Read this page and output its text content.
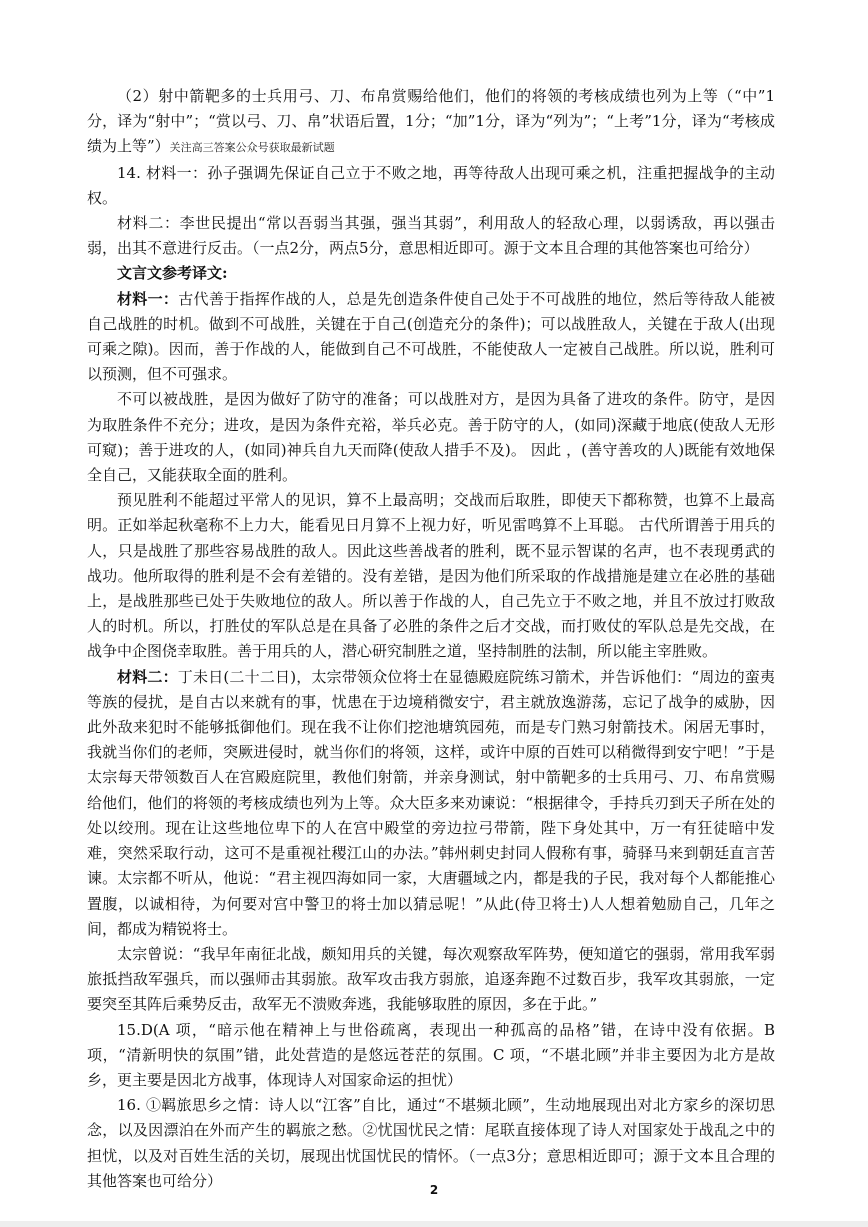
（2）射中箭靶多的士兵用弓、刀、布帛赏赐给他们，他们的将领的考核成绩也列为上等（“中”1分，译为“射中”；“赏以弓、刀、帛”状语后置，1分；“加”1分，译为“列为”；“上考”1分，译为“考核成绩为上等”）关注高三答案公众号获取最新试题

14. 材料一：孙子强调先保证自己立于不败之地，再等待敌人出现可乘之机，注重把握战争的主动权。

材料二：李世民提出“常以吾弱当其强，强当其弱”，利用敌人的轻敌心理，以弱诱敌，再以强击弱，出其不意进行反击。（一点2分，两点5分，意思相近即可。源于文本且合理的其他答案也可给分）

文言文参考译文:

材料一：古代善于指挥作战的人，总是先创造条件使自己处于不可战胜的地位，然后等待敌人能被自己战胜的时机。做到不可战胜，关键在于自己(创造充分的条件)；可以战胜敌人，关键在于敌人(出现可乘之隙)。因而，善于作战的人，能做到自己不可战胜，不能使敌人一定被自己战胜。所以说，胜利可以预测，但不可强求。

不可以被战胜，是因为做好了防守的准备；可以战胜对方，是因为具备了进攻的条件。防守，是因为取胜条件不充分；进攻，是因为条件充裕，举兵必克。善于防守的人，(如同)深藏于地底(使敌人无形可窥)；善于进攻的人，(如同)神兵自九天而降(使敌人措手不及)。 因此 ，(善守善攻的人)既能有效地保全自己，又能获取全面的胜利。

预见胜利不能超过平常人的见识，算不上最高明；交战而后取胜，即使天下都称赞，也算不上最高明。正如举起秋毫称不上力大，能看见日月算不上视力好，听见雷鸣算不上耳聪。 古代所谓善于用兵的人，只是战胜了那些容易战胜的敌人。因此这些善战者的胜利，既不显示智谋的名声，也不表现勇武的战功。他所取得的胜利是不会有差错的。没有差错，是因为他们所采取的作战措施是建立在必胜的基础上，是战胜那些已处于失败地位的敌人。所以善于作战的人，自己先立于不败之地，并且不放过打败敌人的时机。所以，打胜仗的军队总是在具备了必胜的条件之后才交战，而打败仗的军队总是先交战，在战争中企图侥幸取胜。善于用兵的人，潜心研究制胜之道，坚持制胜的法制，所以能主宰胜败。

材料二：丁未日(二十二日)，太宗带领众位将士在显德殿庭院练习箭术，并告诉他们：“周边的蛮夷等族的侵扰，是自古以来就有的事，忧患在于边境稍微安宁，君主就放逸游荡，忘记了战争的威胁，因此外敌来犯时不能够抵御他们。现在我不让你们挖池塘筑园苑，而是专门熟习射箭技术。闲居无事时，我就当你们的老师，突厥进侵时，就当你们的将领，这样，或许中原的百姓可以稍微得到安宁吧！”于是太宗每天带领数百人在宫殿庭院里，教他们射箭，并亲身测试，射中箭靶多的士兵用弓、刀、布帛赏赐给他们，他们的将领的考核成绩也列为上等。众大臣多来劝谏说：“根据律令，手持兵刃到天子所在处的处以绞刑。现在让这些地位卑下的人在宫中殿堂的旁边拉弓带箭，陛下身处其中，万一有狂徒暗中发难，突然采取行动，这可不是重视社稷江山的办法。”韩州刺史封同人假称有事，骑驿马来到朝廷直言苦谏。太宗都不听从，他说：“君主视四海如同一家，大唐疆域之内，都是我的子民，我对每个人都能推心置腹，以诚相待，为何要对宫中警卫的将士加以猜忌呢！”从此(侍卫将士)人人想着勉励自己，几年之间，都成为精锐将士。

太宗曾说：“我早年南征北战，颇知用兵的关键，每次观察敌军阵势，便知道它的强弱，常用我军弱旅抵挡敌军强兵，而以强师击其弱旅。敌军攻击我方弱旅，追逐奔跑不过数百步，我军攻其弱旅，一定要突至其阵后乘势反击，敌军无不溃败奔逃，我能够取胜的原因，多在于此。”

15.D(A 项，“暗示他在精神上与世俗疏离，表现出一种孤高的品格”错，在诗中没有依据。B 项，“清新明快的氛围”错，此处营造的是悠远苍茫的氛围。C 项，“不堪北顾”并非主要因为北方是故乡，更主要是因北方战事，体现诗人对国家命运的担忧）

16. ①羁旅思乡之情：诗人以“江客”自比，通过“不堪频北顾”，生动地展现出对北方家乡的深切思念，以及因漂泊在外而产生的羁旅之愁。②忧国忧民之情：尾联直接体现了诗人对国家处于战乱之中的担忧，以及对百姓生活的关切，展现出忧国忧民的情怀。（一点3分；意思相近即可；源于文本且合理的其他答案也可给分）

2
